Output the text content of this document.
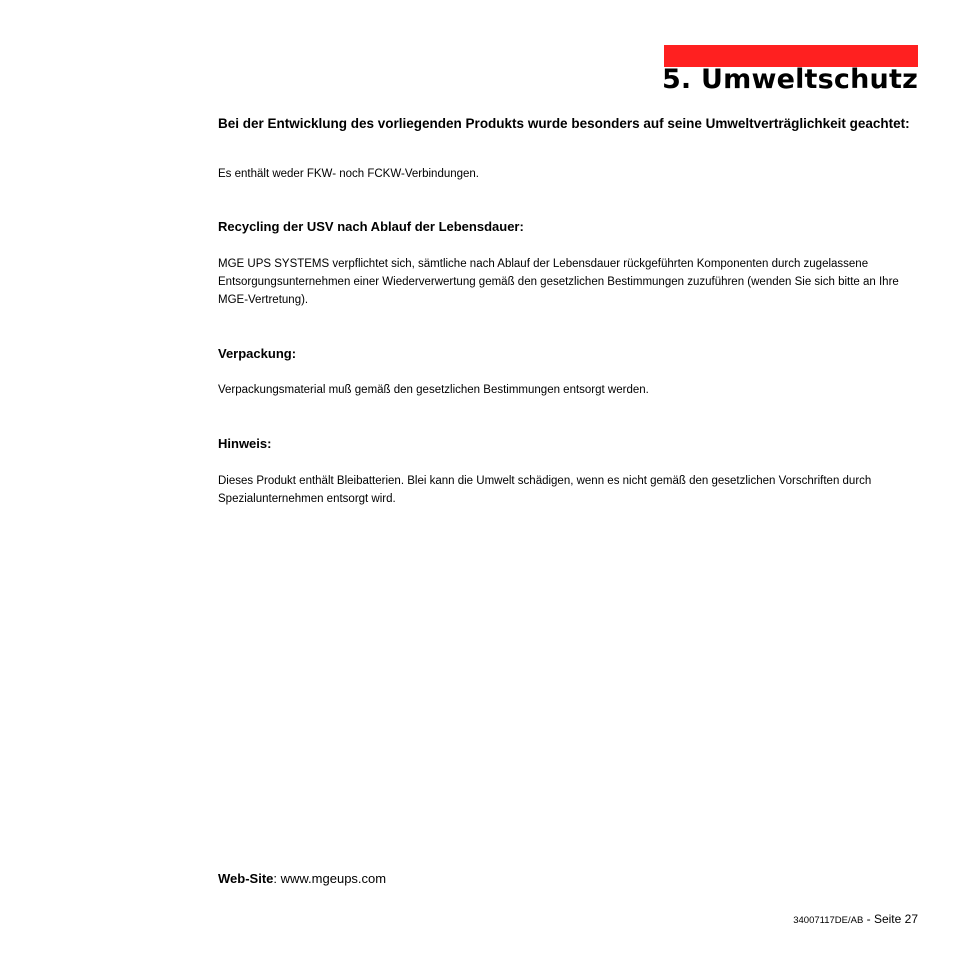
5. Umweltschutz
Bei der Entwicklung des vorliegenden Produkts wurde besonders auf seine Umweltverträglichkeit geachtet:
Es enthält weder FKW- noch FCKW-Verbindungen.
Recycling der USV nach Ablauf der Lebensdauer:
MGE UPS SYSTEMS verpflichtet sich, sämtliche nach Ablauf der Lebensdauer rückgeführten Komponenten durch zugelassene Entsorgungsunternehmen einer Wiederverwertung gemäß den gesetzlichen Bestimmungen zuzuführen (wenden Sie sich bitte an Ihre MGE-Vertretung).
Verpackung:
Verpackungsmaterial muß gemäß den gesetzlichen Bestimmungen entsorgt werden.
Hinweis:
Dieses Produkt enthält Bleibatterien. Blei kann die Umwelt schädigen, wenn es nicht gemäß den gesetzlichen Vorschriften durch Spezialunternehmen entsorgt wird.
Web-Site: www.mgeups.com
34007117DE/AB - Seite 27
